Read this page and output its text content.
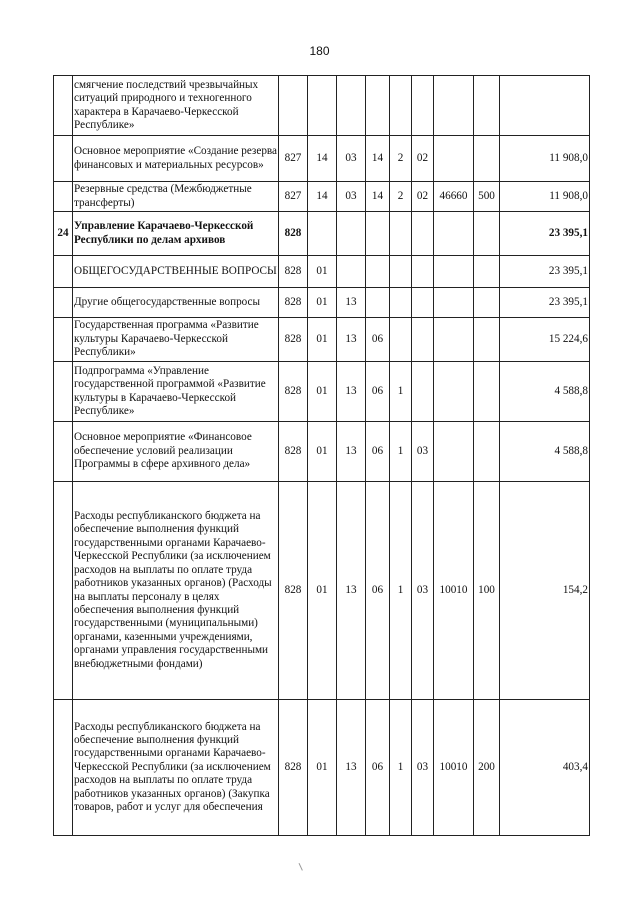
180
	смягчение последствий чрезвычайных ситуаций природного и техногенного характера в Карачаево-Черкесской Республике»									
	Основное мероприятие «Создание резерва финансовых и материальных ресурсов»	827	14	03	14	2	02			11 908,0
	Резервные средства (Межбюджетные трансферты)	827	14	03	14	2	02	46660	500	11 908,0
24	Управление Карачаево-Черкесской Республики по делам архивов	828								23 395,1
	ОБЩЕГОСУДАРСТВЕННЫЕ ВОПРОСЫ	828	01							23 395,1
	Другие общегосударственные вопросы	828	01	13						23 395,1
	Государственная программа «Развитие культуры Карачаево-Черкесской Республики»	828	01	13	06					15 224,6
	Подпрограмма «Управление государственной программой «Развитие культуры в Карачаево-Черкесской Республике»	828	01	13	06	1				4 588,8
	Основное мероприятие «Финансовое обеспечение условий реализации Программы в сфере архивного дела»	828	01	13	06	1	03			4 588,8
	Расходы республиканского бюджета на обеспечение выполнения функций государственными органами Карачаево-Черкесской Республики (за исключением расходов на выплаты по оплате труда работников указанных органов) (Расходы на выплаты персоналу в целях обеспечения выполнения функций государственными (муниципальными) органами, казенными учреждениями, органами управления государственными внебюджетными фондами)	828	01	13	06	1	03	10010	100	154,2
	Расходы республиканского бюджета на обеспечение выполнения функций государственными органами Карачаево-Черкесской Республики (за исключением расходов на выплаты по оплате труда работников указанных органов) (Закупка товаров, работ и услуг для обеспечения	828	01	13	06	1	03	10010	200	403,4
